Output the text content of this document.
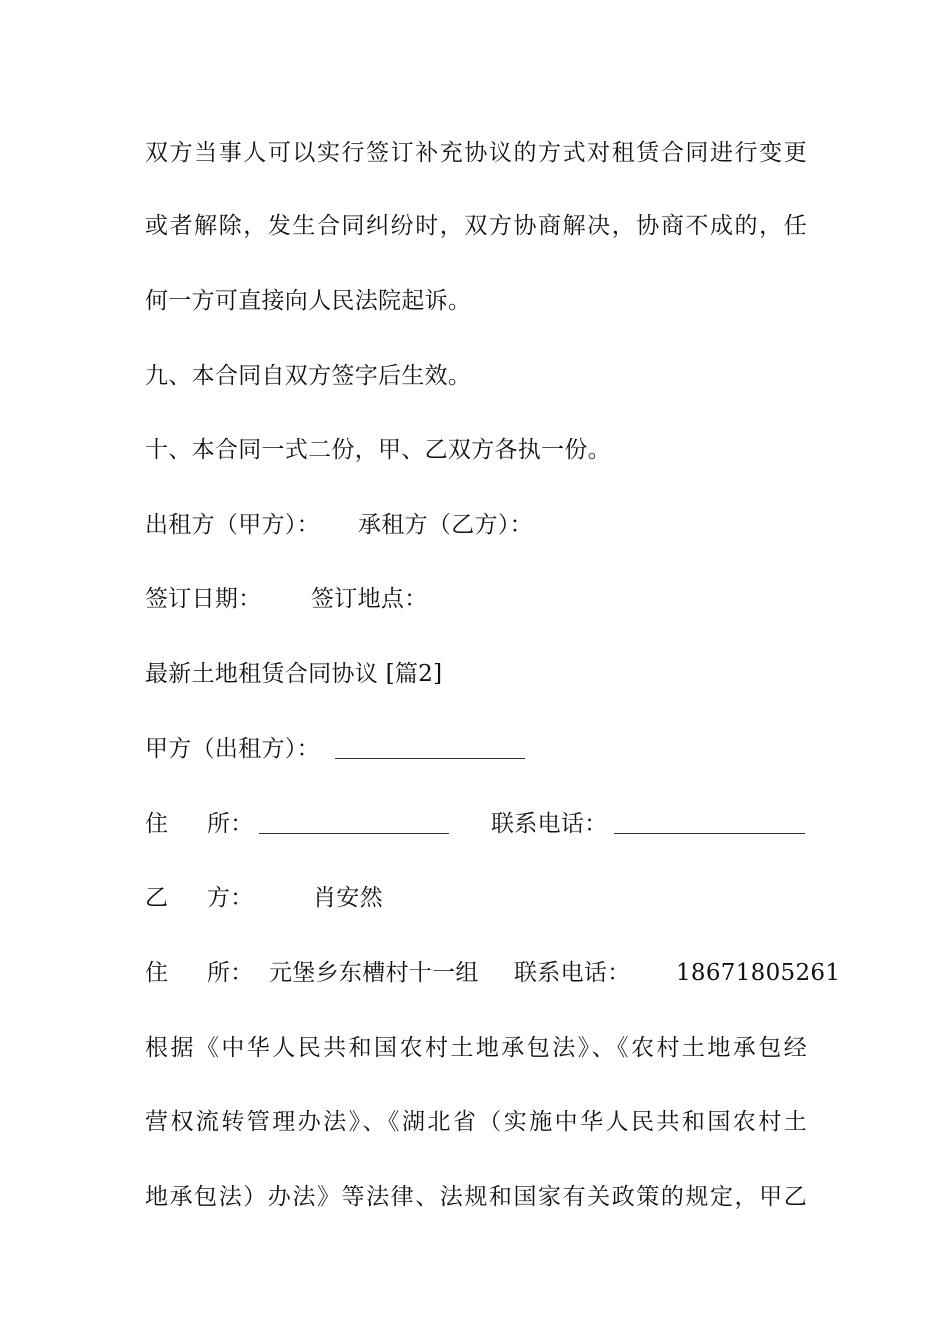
双方当事人可以实行签订补充协议的方式对租赁合同进行变更
或者解除，发生合同纠纷时，双方协商解决，协商不成的，任
何一方可直接向人民法院起诉。
九、本合同自双方签字后生效。
十、本合同一式二份，甲、乙双方各执一份。
出租方（甲方）： 承租方（乙方）：
签订日期： 签订地点：
最新土地租赁合同协议 [篇2]
甲方（出租方）：
住 所：	联系电话：
乙 方：	肖安然
住 所： 元堡乡东槽村十一组 联系电话： 18671805261
根据《中华人民共和国农村土地承包法》、《农村土地承包经
营权流转管理办法》、《湖北省（实施中华人民共和国农村土
地承包法）办法》等法律、法规和国家有关政策的规定，甲乙
